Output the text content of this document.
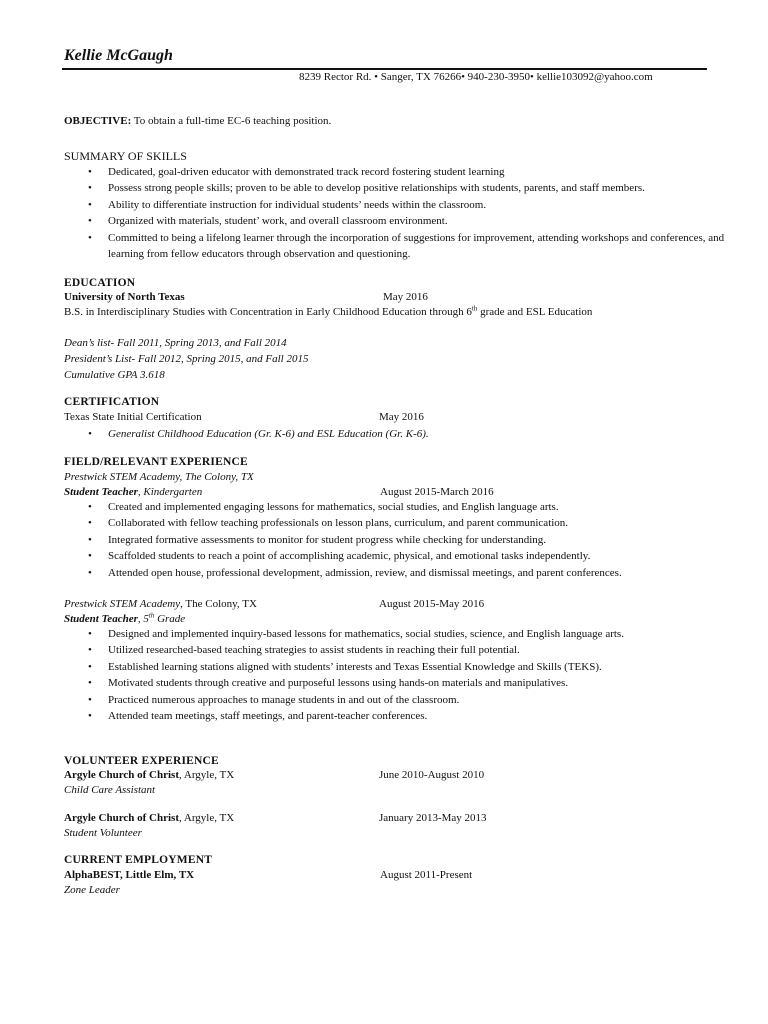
Kellie McGaugh
8239 Rector Rd. • Sanger, TX 76266• 940-230-3950• kellie103092@yahoo.com
OBJECTIVE: To obtain a full-time EC-6 teaching position.
SUMMARY OF SKILLS
• Dedicated, goal-driven educator with demonstrated track record fostering student learning
• Possess strong people skills; proven to be able to develop positive relationships with students, parents, and staff members.
• Ability to differentiate instruction for individual students’ needs within the classroom.
• Organized with materials, student’ work, and overall classroom environment.
• Committed to being a lifelong learner through the incorporation of suggestions for improvement, attending workshops and conferences, and learning from fellow educators through observation and questioning.
EDUCATION
University of North Texas	May 2016
B.S. in Interdisciplinary Studies with Concentration in Early Childhood Education through 6th grade and ESL Education
Dean’s list- Fall 2011, Spring 2013, and Fall 2014
President’s List- Fall 2012, Spring 2015, and Fall 2015
Cumulative GPA 3.618
CERTIFICATION
Texas State Initial Certification	May 2016
• Generalist Childhood Education (Gr. K-6) and ESL Education (Gr. K-6).
FIELD/RELEVANT EXPERIENCE
Prestwick STEM Academy, The Colony, TX
Student Teacher, Kindergarten	August 2015-March 2016
• Created and implemented engaging lessons for mathematics, social studies, and English language arts.
• Collaborated with fellow teaching professionals on lesson plans, curriculum, and parent communication.
• Integrated formative assessments to monitor for student progress while checking for understanding.
• Scaffolded students to reach a point of accomplishing academic, physical, and emotional tasks independently.
• Attended open house, professional development, admission, review, and dismissal meetings, and parent conferences.
Prestwick STEM Academy, The Colony, TX	August 2015-May 2016
Student Teacher, 5th Grade
• Designed and implemented inquiry-based lessons for mathematics, social studies, science, and English language arts.
• Utilized researched-based teaching strategies to assist students in reaching their full potential.
• Established learning stations aligned with students’ interests and Texas Essential Knowledge and Skills (TEKS).
• Motivated students through creative and purposeful lessons using hands-on materials and manipulatives.
• Practiced numerous approaches to manage students in and out of the classroom.
• Attended team meetings, staff meetings, and parent-teacher conferences.
VOLUNTEER EXPERIENCE
Argyle Church of Christ, Argyle, TX	June 2010-August 2010
Child Care Assistant
Argyle Church of Christ, Argyle, TX	January 2013-May 2013
Student Volunteer
CURRENT EMPLOYMENT
AlphaBEST, Little Elm, TX	August 2011-Present
Zone Leader
